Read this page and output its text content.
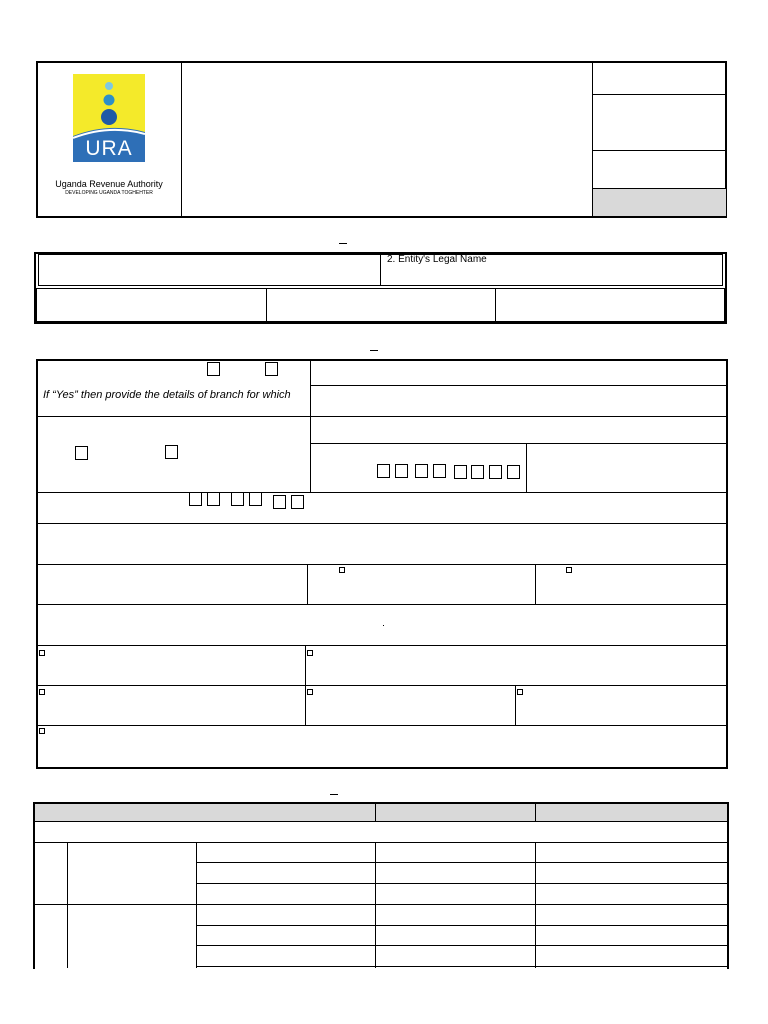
URA
Uganda Revenue Authority
DEVELOPING UGANDA TOGHEHTER
2. Entity's Legal Name
If “Yes” then provide the details of branch for which
